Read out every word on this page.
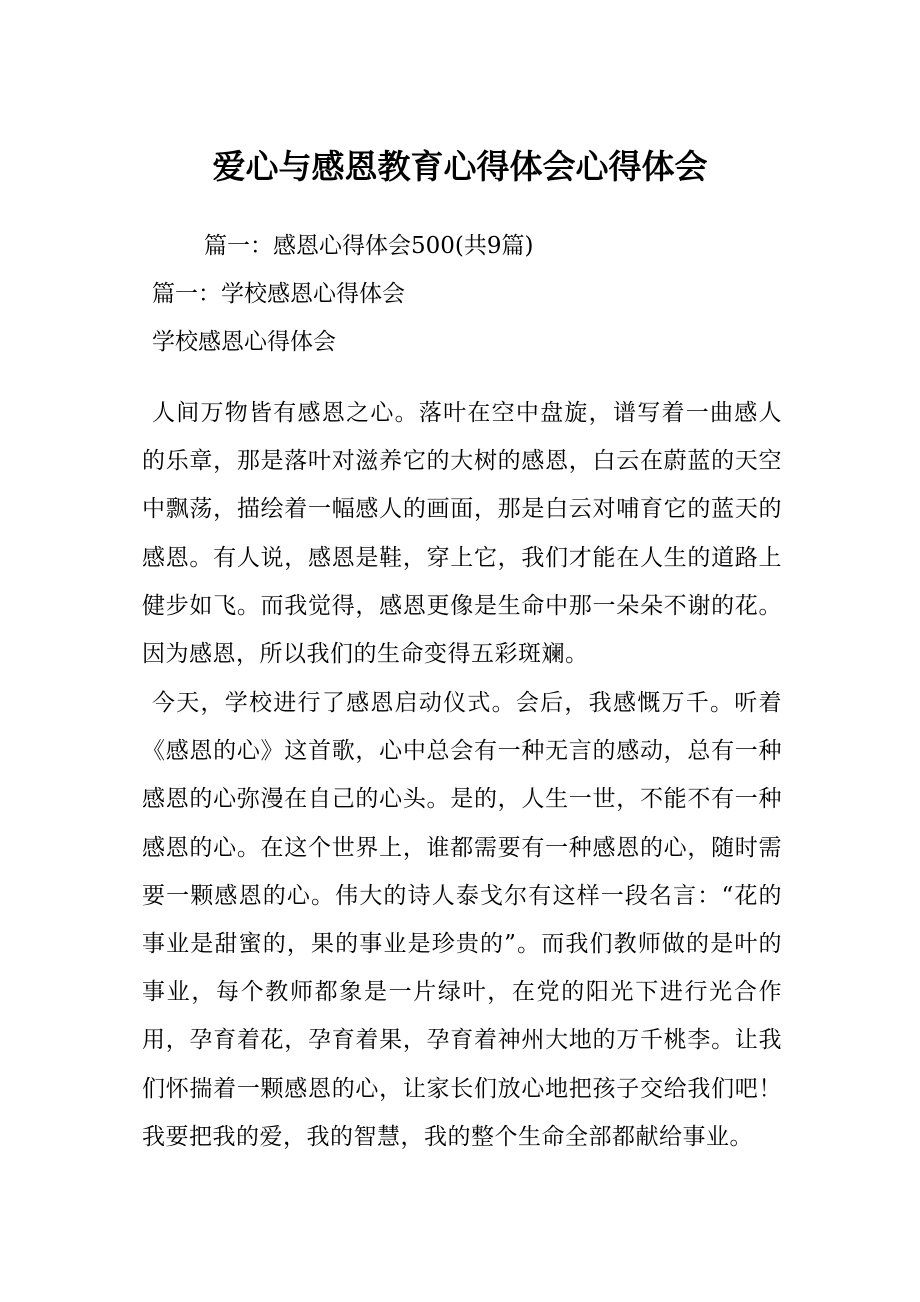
爱心与感恩教育心得体会心得体会
篇一：感恩心得体会500(共9篇)
篇一：学校感恩心得体会
学校感恩心得体会

人间万物皆有感恩之心。落叶在空中盘旋，谱写着一曲感人的乐章，那是落叶对滋养它的大树的感恩，白云在蔚蓝的天空中飘荡，描绘着一幅感人的画面，那是白云对哺育它的蓝天的感恩。有人说，感恩是鞋，穿上它，我们才能在人生的道路上健步如飞。而我觉得，感恩更像是生命中那一朵朵不谢的花。因为感恩，所以我们的生命变得五彩斑斓。

今天，学校进行了感恩启动仪式。会后，我感慨万千。听着《感恩的心》这首歌，心中总会有一种无言的感动，总有一种感恩的心弥漫在自己的心头。是的，人生一世，不能不有一种感恩的心。在这个世界上，谁都需要有一种感恩的心，随时需要一颗感恩的心。伟大的诗人泰戈尔有这样一段名言：“花的事业是甜蜜的，果的事业是珍贵的”。而我们教师做的是叶的事业，每个教师都象是一片绿叶，在党的阳光下进行光合作用，孕育着花，孕育着果，孕育着神州大地的万千桃李。让我们怀揣着一颗感恩的心，让家长们放心地把孩子交给我们吧！我要把我的爱，我的智慧，我的整个生命全部都献给事业。
